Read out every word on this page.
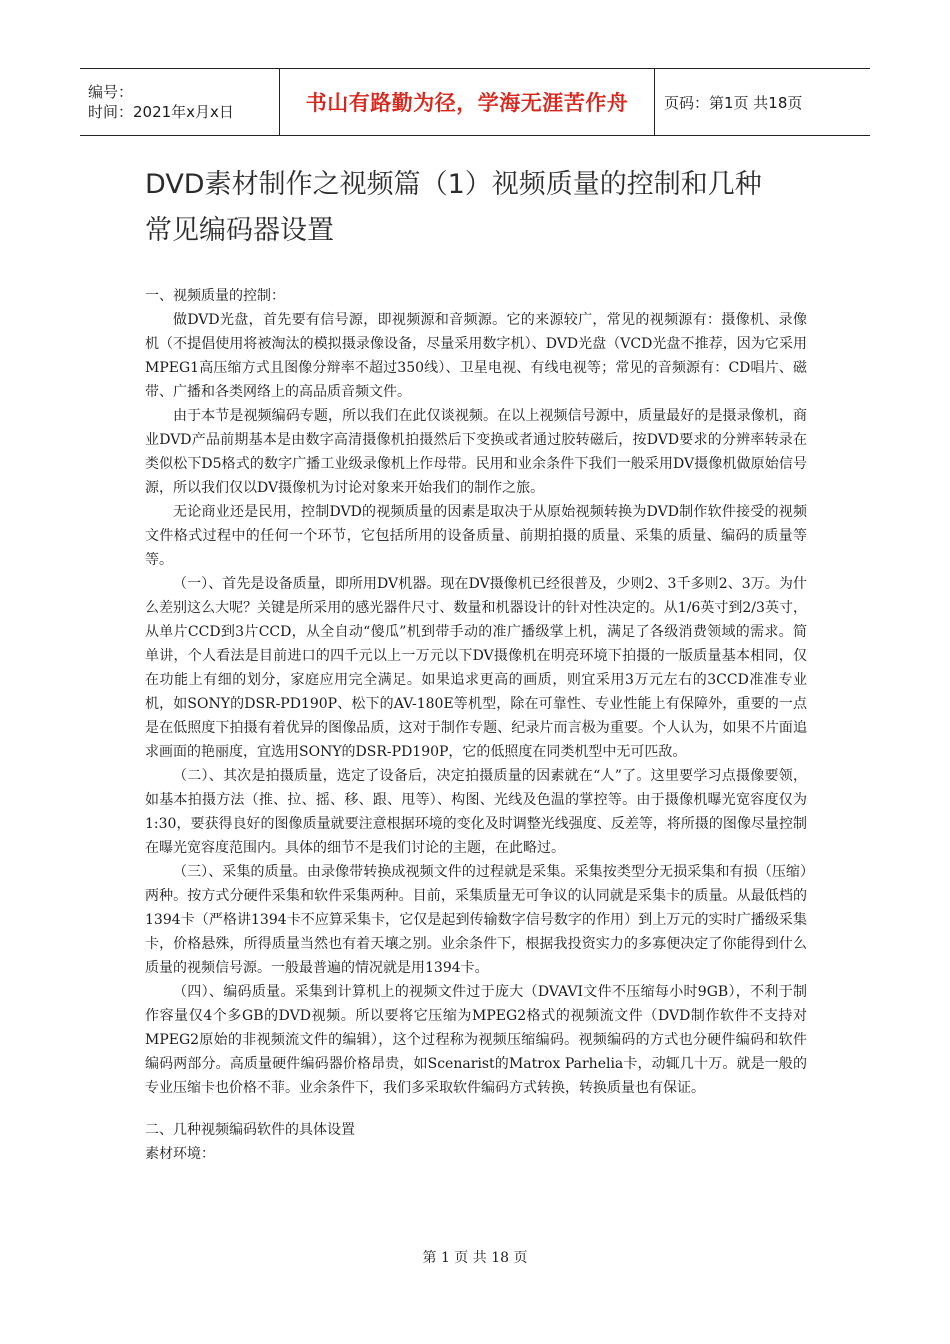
编号：
时间：2021年x月x日	书山有路勤为径，学海无涯苦作舟 页码：第1页 共18页
DVD素材制作之视频篇（1）视频质量的控制和几种
常见编码器设置

一、视频质量的控制：

做DVD光盘，首先要有信号源，即视频源和音频源。它的来源较广，常见的视频源有：摄像机、录像机（不提倡使用将被淘汰的模拟摄录像设备，尽量采用数字机）、DVD光盘（VCD光盘不推荐，因为它采用MPEG1高压缩方式且图像分辩率不超过350线）、卫星电视、有线电视等；常见的音频源有：CD唱片、磁带、广播和各类网络上的高品质音频文件。

由于本节是视频编码专题，所以我们在此仅谈视频。在以上视频信号源中，质量最好的是摄录像机，商业DVD产品前期基本是由数字高清摄像机拍摄然后下变换或者通过胶转磁后，按DVD要求的分辨率转录在类似松下D5格式的数字广播工业级录像机上作母带。民用和业余条件下我们一般采用DV摄像机做原始信号源，所以我们仅以DV摄像机为讨论对象来开始我们的制作之旅。

无论商业还是民用，控制DVD的视频质量的因素是取决于从原始视频转换为DVD制作软件接受的视频文件格式过程中的任何一个环节，它包括所用的设备质量、前期拍摄的质量、采集的质量、编码的质量等等。

（一）、首先是设备质量，即所用DV机器。现在DV摄像机已经很普及，少则2、3千多则2、3万。为什么差别这么大呢？关键是所采用的感光器件尺寸、数量和机器设计的针对性决定的。从1/6英寸到2/3英寸，从单片CCD到3片CCD，从全自动“傻瓜”机到带手动的准广播级掌上机，满足了各级消费领域的需求。简单讲，个人看法是目前进口的四千元以上一万元以下DV摄像机在明亮环境下拍摄的一版质量基本相同，仅在功能上有细的划分，家庭应用完全满足。如果追求更高的画质，则宜采用3万元左右的3CCD准准专业机，如SONY的DSR-PD190P、松下的AV-180E等机型，除在可靠性、专业性能上有保障外，重要的一点是在低照度下拍摄有着优异的图像品质，这对于制作专题、纪录片而言极为重要。个人认为，如果不片面追求画面的艳丽度，宜选用SONY的DSR-PD190P，它的低照度在同类机型中无可匹敌。

（二）、其次是拍摄质量，选定了设备后，决定拍摄质量的因素就在“人”了。这里要学习点摄像要领，如基本拍摄方法（推、拉、摇、移、跟、甩等）、构图、光线及色温的掌控等。由于摄像机曝光宽容度仅为1:30，要获得良好的图像质量就要注意根据环境的变化及时调整光线强度、反差等，将所摄的图像尽量控制在曝光宽容度范围内。具体的细节不是我们讨论的主题，在此略过。

（三）、采集的质量。由录像带转换成视频文件的过程就是采集。采集按类型分无损采集和有损（压缩）两种。按方式分硬件采集和软件采集两种。目前，采集质量无可争议的认同就是采集卡的质量。从最低档的1394卡（严格讲1394卡不应算采集卡，它仅是起到传输数字信号数字的作用）到上万元的实时广播级采集卡，价格悬殊，所得质量当然也有着天壤之别。业余条件下，根据我投资实力的多寡便决定了你能得到什么质量的视频信号源。一般最普遍的情况就是用1394卡。

（四）、编码质量。采集到计算机上的视频文件过于庞大（DVAVI文件不压缩每小时9GB），不利于制作容量仅4个多GB的DVD视频。所以要将它压缩为MPEG2格式的视频流文件（DVD制作软件不支持对MPEG2原始的非视频流文件的编辑），这个过程称为视频压缩编码。视频编码的方式也分硬件编码和软件编码两部分。高质量硬件编码器价格昂贵，如Scenarist的Matrox Parhelia卡，动辄几十万。就是一般的专业压缩卡也价格不菲。业余条件下，我们多采取软件编码方式转换，转换质量也有保证。

二、几种视频编码软件的具体设置

素材环境：

第 1 页 共 18 页
